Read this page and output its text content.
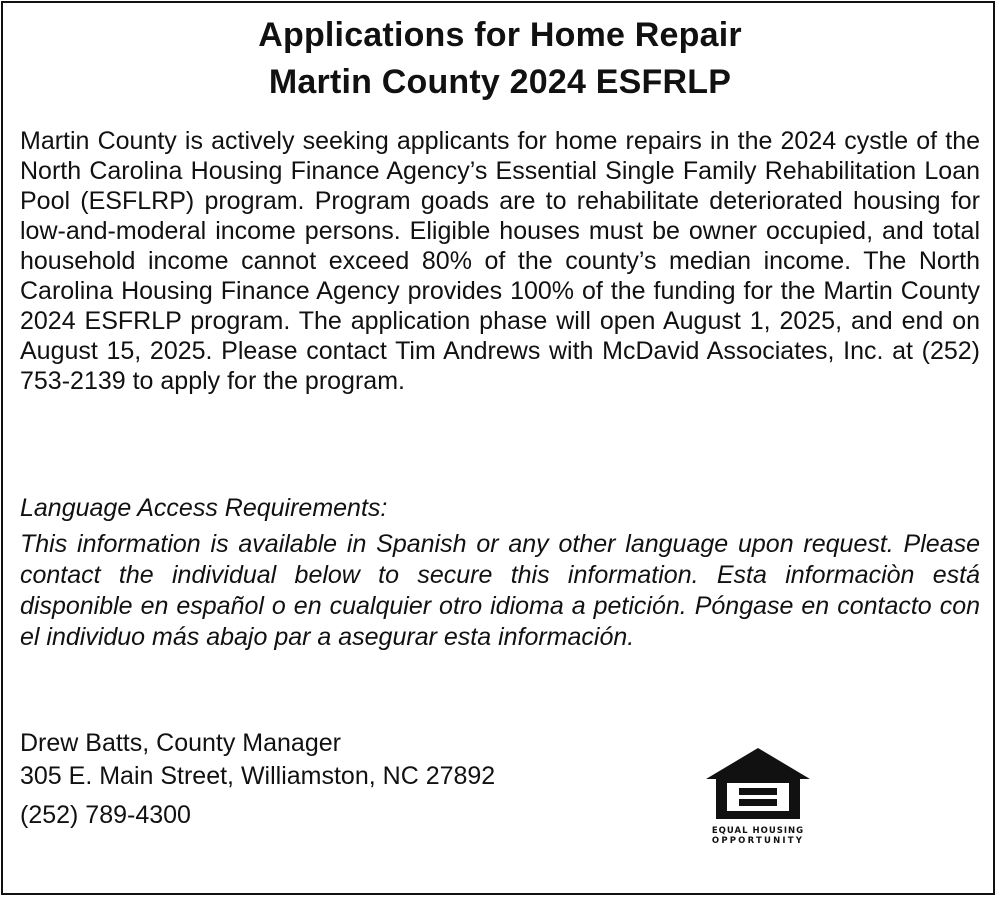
Applications for Home Repair
Martin County 2024 ESFRLP
Martin County is actively seeking applicants for home repairs in the 2024 cystle of the North Carolina Housing Finance Agency’s Essential Single Family Rehabilitation Loan Pool (ESFLRP) program. Program goads are to rehabilitate deteriorated housing for low-and-moderal income persons. Eligible houses must be owner occupied, and total household income cannot exceed 80% of the county’s median income. The North Carolina Housing Finance Agency provides 100% of the funding for the Martin County 2024 ESFRLP program. The application phase will open August 1, 2025, and end on August 15, 2025. Please contact Tim Andrews with McDavid Associates, Inc. at (252) 753-2139 to apply for the program.
Language Access Requirements:
This information is available in Spanish or any other language upon request. Please contact the individual below to secure this information. Esta informaciòn está disponible en español o en cualquier otro idioma a petición. Póngase en contacto con el individuo más abajo par a asegurar esta información.
Drew Batts, County Manager
305 E. Main Street, Williamston, NC 27892
(252) 789-4300
EQUAL HOUSING
OPPORTUNITY
